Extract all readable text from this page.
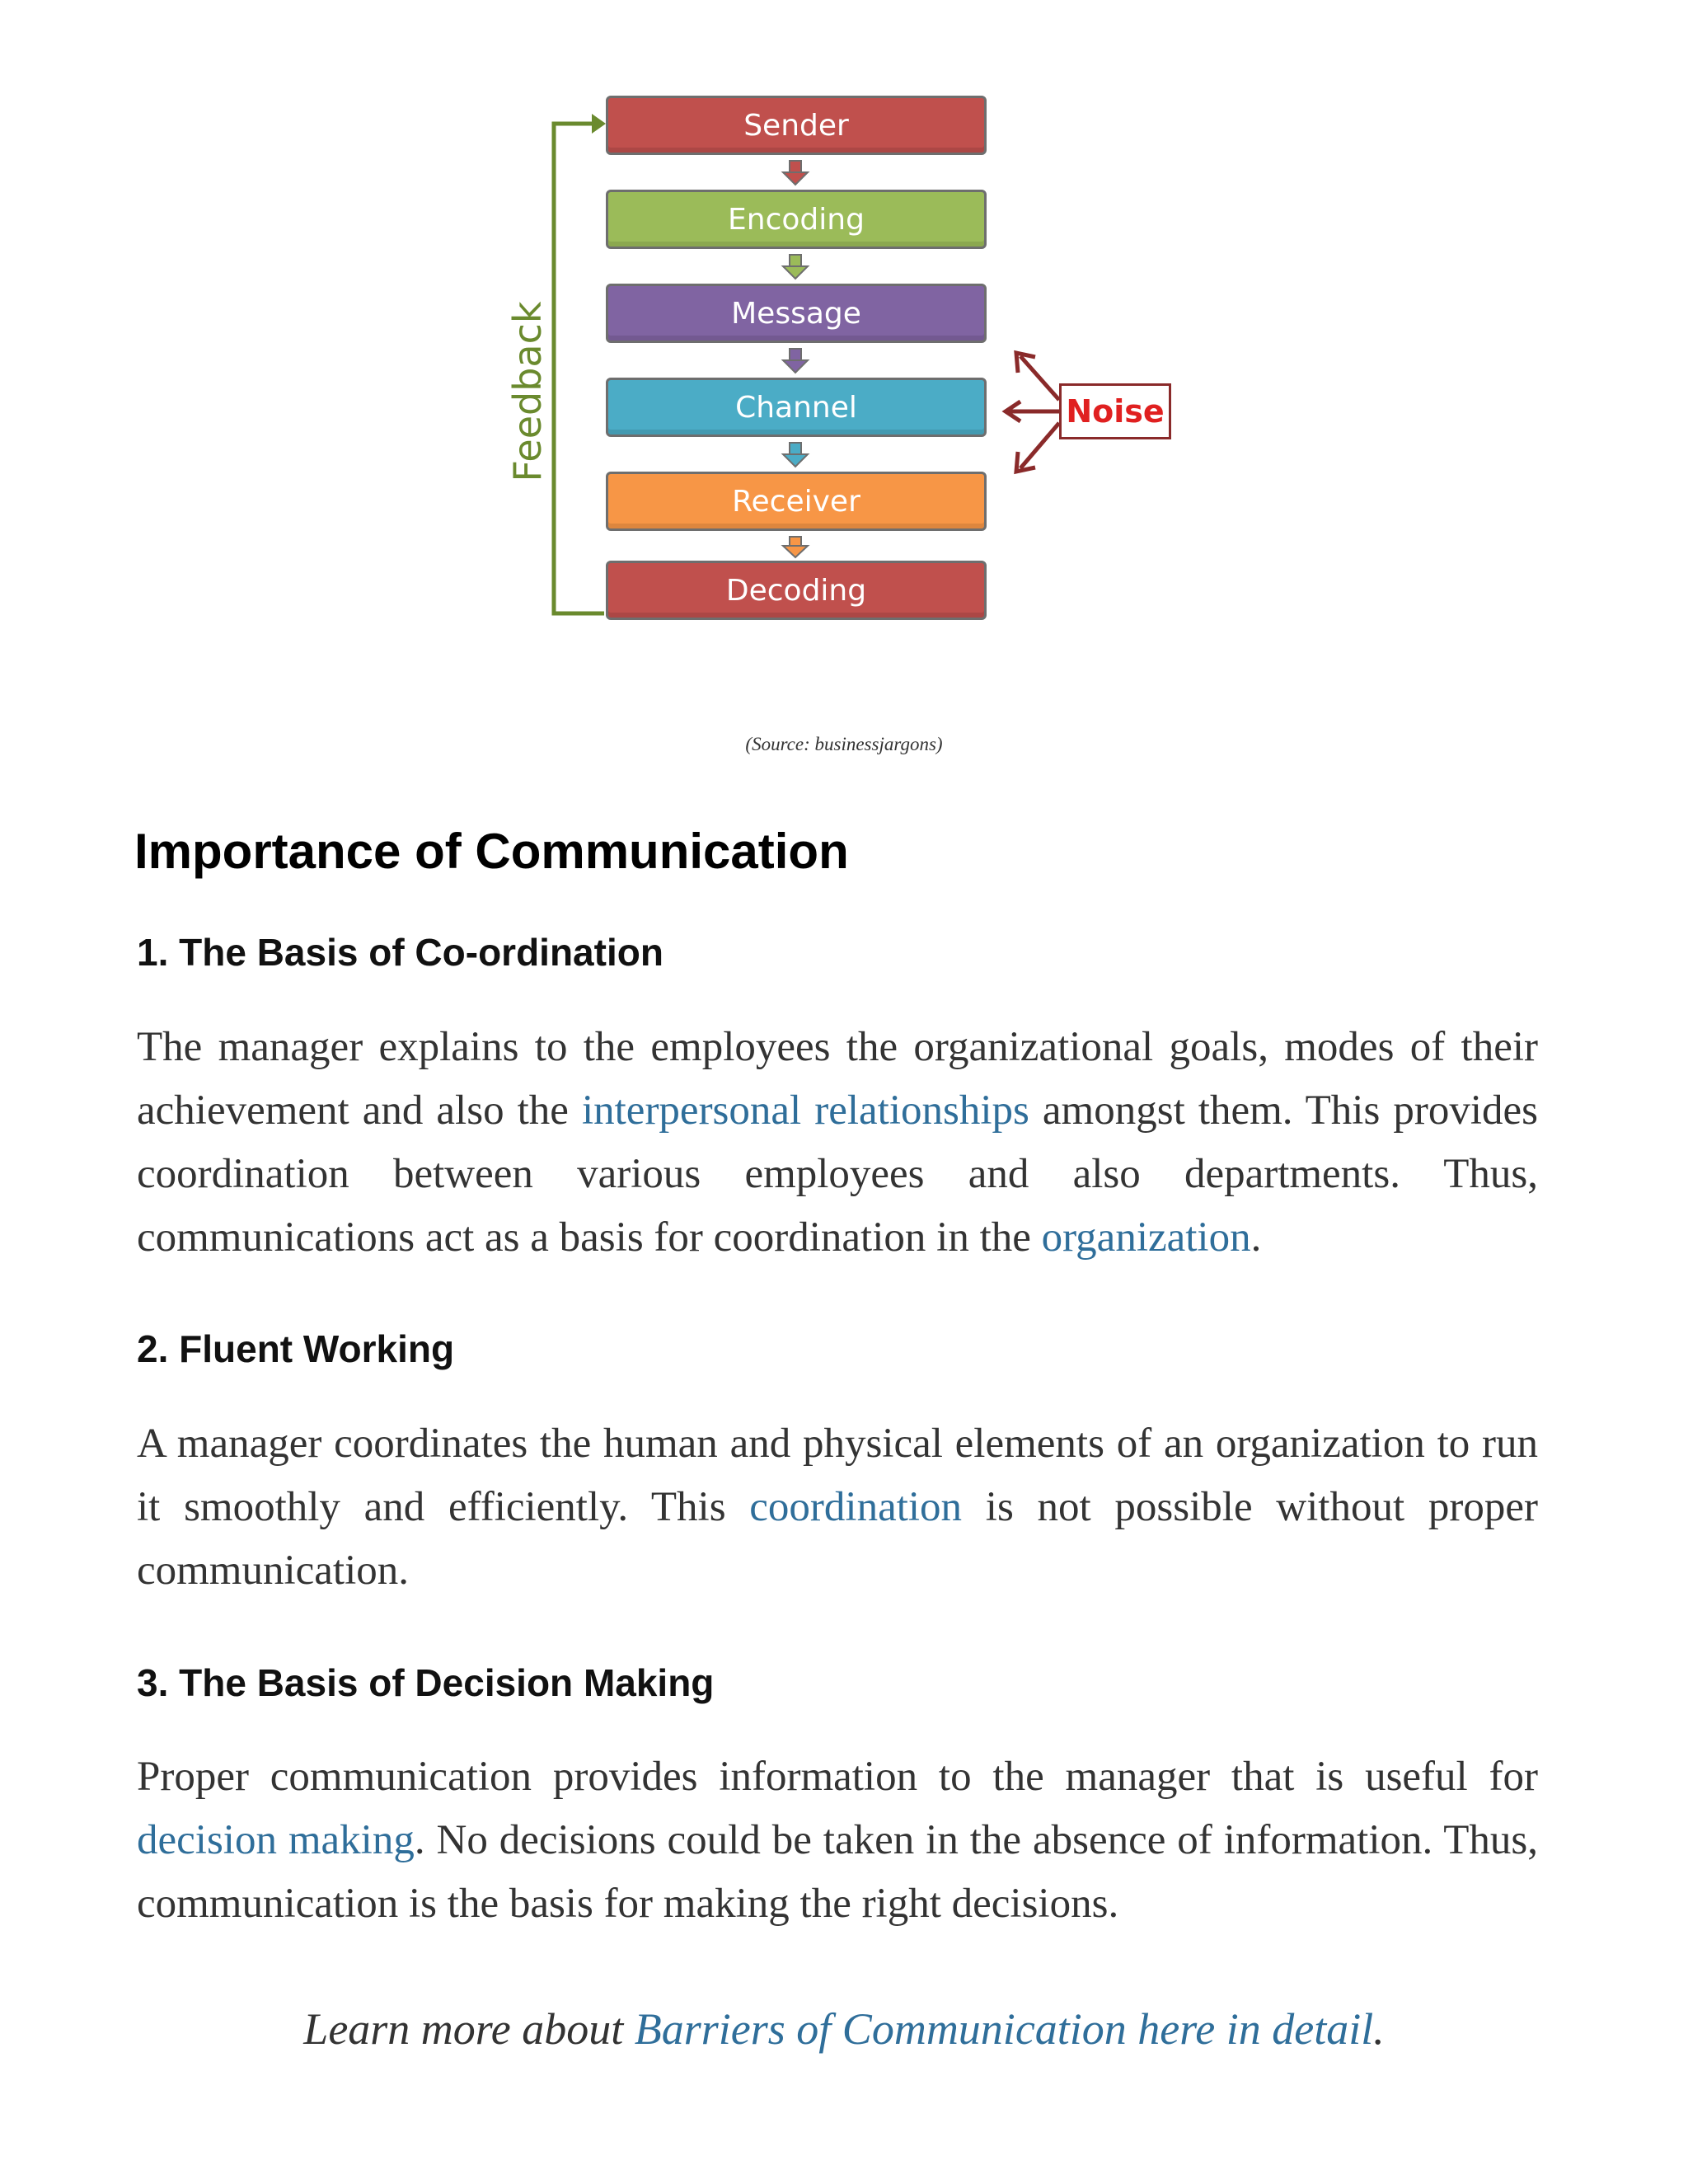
Sender
Encoding
Message
Channel
Receiver
Decoding
Feedback	Noise
(Source: businessjargons)
Importance of Communication
1. The Basis of Co-ordination

The manager explains to the employees the organizational goals, modes of their achievement and also the interpersonal relationships amongst them. This provides coordination between various employees and also departments. Thus, communications act as a basis for coordination in the organization.

2. Fluent Working

A manager coordinates the human and physical elements of an organization to run it smoothly and efficiently. This coordination is not possible without proper communication.

3. The Basis of Decision Making

Proper communication provides information to the manager that is useful for decision making. No decisions could be taken in the absence of information. Thus, communication is the basis for making the right decisions.

Learn more about Barriers of Communication here in detail.
